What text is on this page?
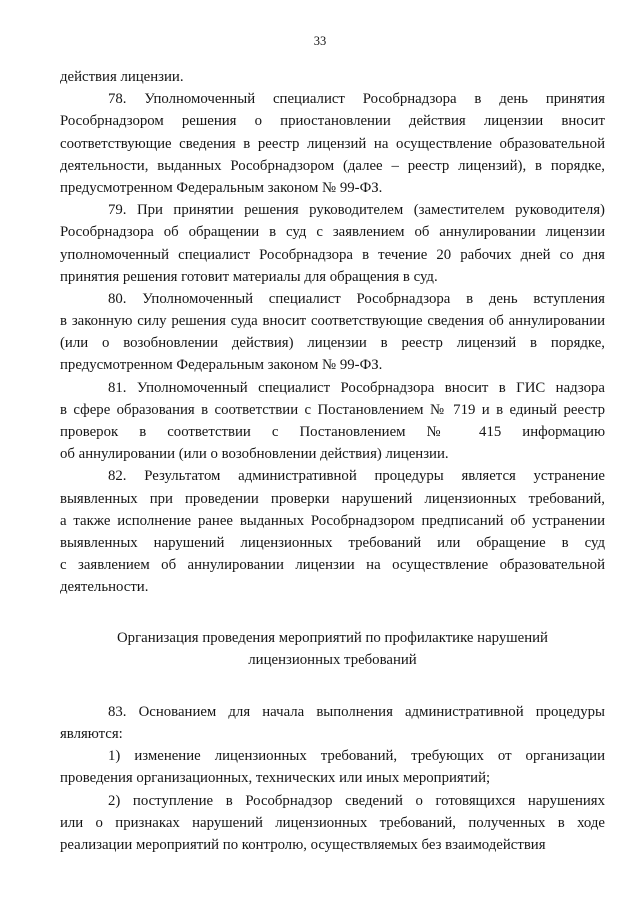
33
действия лицензии.
78. Уполномоченный специалист Рособрнадзора в день принятия
Рособрнадзором решения о приостановлении действия лицензии вносит
соответствующие сведения в реестр лицензий на осуществление образовательной
деятельности, выданных Рособрнадзором (далее – реестр лицензий), в порядке,
предусмотренном Федеральным законом № 99-ФЗ.
79. При принятии решения руководителем (заместителем руководителя)
Рособрнадзора об обращении в суд с заявлением об аннулировании лицензии
уполномоченный специалист Рособрнадзора в течение 20 рабочих дней со дня
принятия решения готовит материалы для обращения в суд.
80. Уполномоченный специалист Рособрнадзора в день вступления
в законную силу решения суда вносит соответствующие сведения об аннулировании
(или о возобновлении действия) лицензии в реестр лицензий в порядке,
предусмотренном Федеральным законом № 99-ФЗ.
81. Уполномоченный специалист Рособрнадзора вносит в ГИС надзора
в сфере образования в соответствии с Постановлением № 719 и в единый реестр
проверок в соответствии с Постановлением № 415 информацию
об аннулировании (или о возобновлении действия) лицензии.
82. Результатом административной процедуры является устранение
выявленных при проведении проверки нарушений лицензионных требований,
а также исполнение ранее выданных Рособрнадзором предписаний об устранении
выявленных нарушений лицензионных требований или обращение в суд
с заявлением об аннулировании лицензии на осуществление образовательной
деятельности.
Организация проведения мероприятий по профилактике нарушений
лицензионных требований
83. Основанием для начала выполнения административной процедуры
являются:
1) изменение лицензионных требований, требующих от организации
проведения организационных, технических или иных мероприятий;
2) поступление в Рособрнадзор сведений о готовящихся нарушениях
или о признаках нарушений лицензионных требований, полученных в ходе
реализации мероприятий по контролю, осуществляемых без взаимодействия
